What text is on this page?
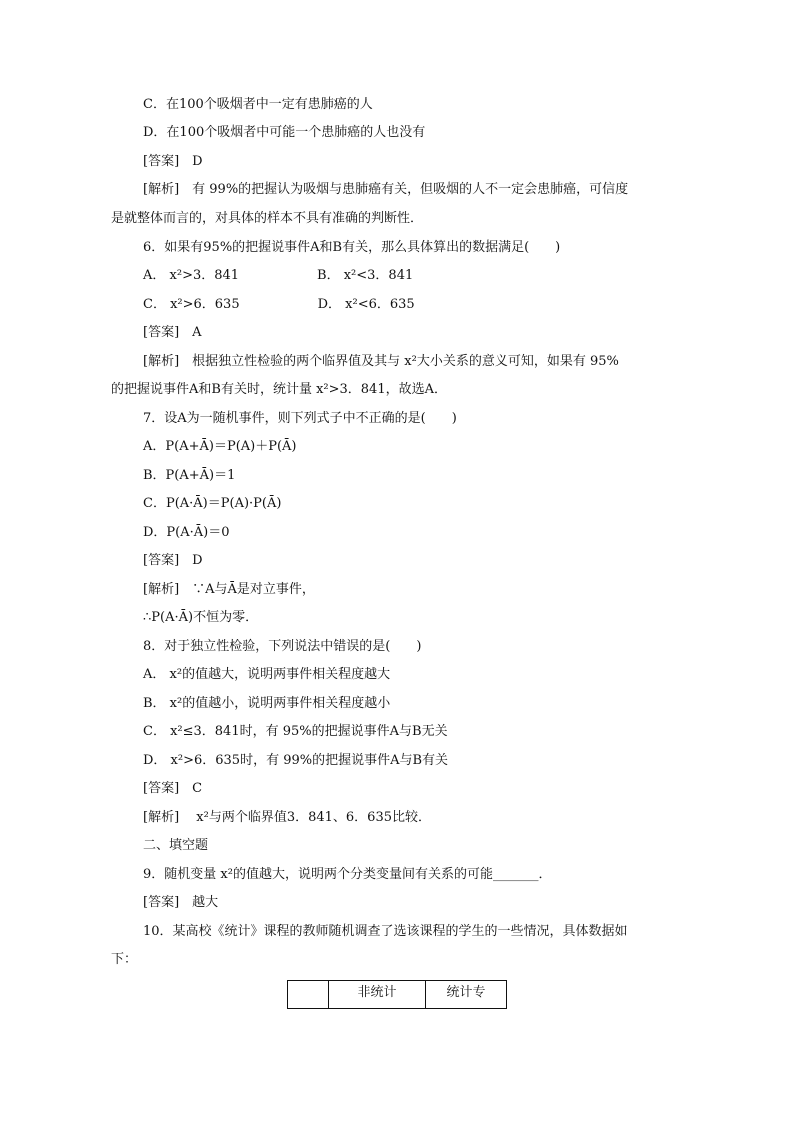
C．在100个吸烟者中一定有患肺癌的人
D．在100个吸烟者中可能一个患肺癌的人也没有
[答案]　D
[解析]　有 99%的把握认为吸烟与患肺癌有关，但吸烟的人不一定会患肺癌，可信度
是就整体而言的，对具体的样本不具有准确的判断性．
6．如果有95%的把握说事件A和B有关，那么具体算出的数据满足(　　)
A． x²>3．841　　　　　　B． x²<3．841
C． x²>6．635　　　　　　D． x²<6．635
[答案]　A
[解析]　根据独立性检验的两个临界值及其与 x²大小关系的意义可知，如果有 95%
的把握说事件A和B有关时，统计量 x²>3．841，故选A．
7．设A为一随机事件，则下列式子中不正确的是(　　)
A．P(A+Ā)＝P(A)＋P(Ā)
B．P(A+Ā)＝1
C．P(A·Ā)＝P(A)·P(Ā)
D．P(A·Ā)＝0
[答案]　D
[解析]　∵A与Ā是对立事件，
∴P(A·Ā)不恒为零．
8．对于独立性检验，下列说法中错误的是(　　)
A． x²的值越大，说明两事件相关程度越大
B． x²的值越小，说明两事件相关程度越小
C． x²≤3．841时，有 95%的把握说事件A与B无关
D． x²>6．635时，有 99%的把握说事件A与B有关
[答案]　C
[解析]　 x²与两个临界值3．841、6．635比较．
二、填空题
9．随机变量 x²的值越大，说明两个分类变量间有关系的可能_______．
[答案]　越大
10．某高校《统计》课程的教师随机调查了选该课程的学生的一些情况，具体数据如
下：
	非统计	统计专
